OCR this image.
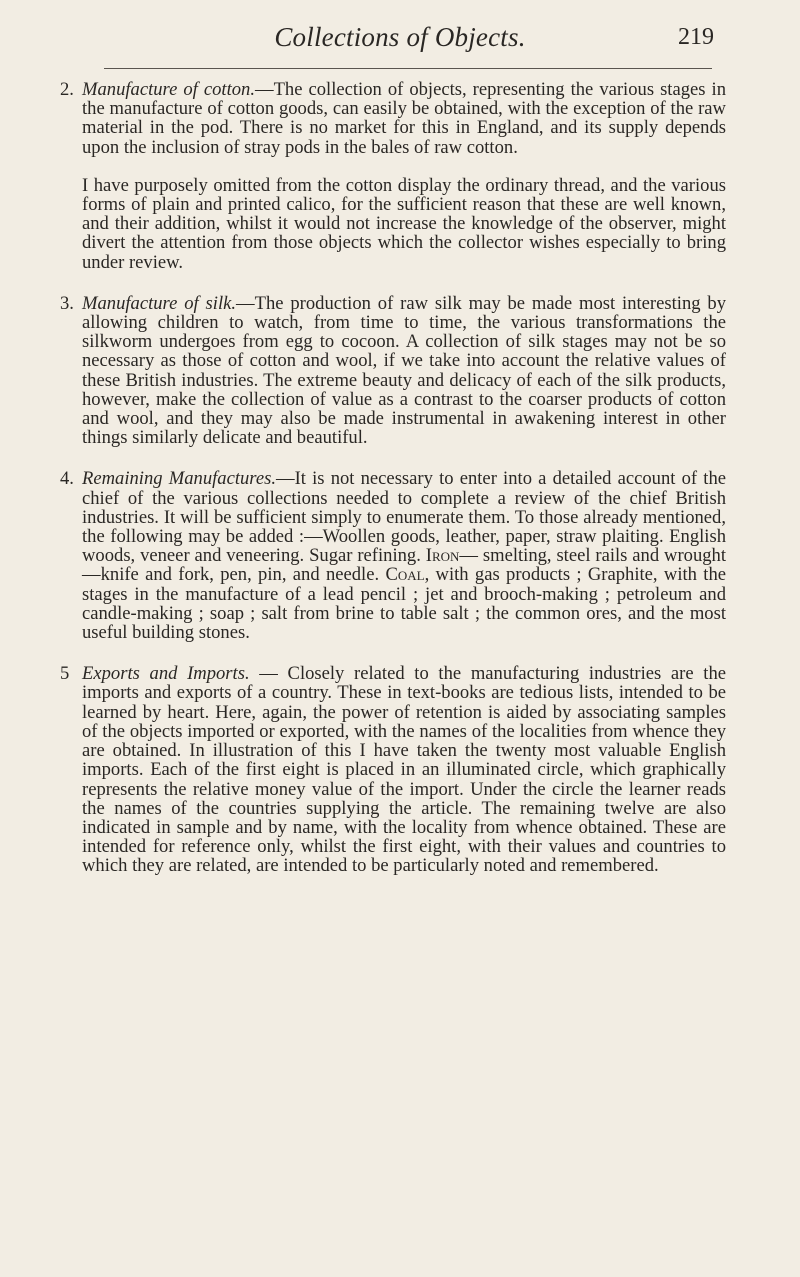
Collections of Objects.	219
2. Manufacture of cotton.—The collection of objects, representing the various stages in the manufacture of cotton goods, can easily be obtained, with the exception of the raw material in the pod. There is no market for this in England, and its supply depends upon the inclusion of stray pods in the bales of raw cotton.

I have purposely omitted from the cotton display the ordinary thread, and the various forms of plain and printed calico, for the sufficient reason that these are well known, and their addition, whilst it would not increase the knowledge of the observer, might divert the attention from those objects which the collector wishes especially to bring under review.

3. Manufacture of silk.—The production of raw silk may be made most interesting by allowing children to watch, from time to time, the various transformations the silkworm undergoes from egg to cocoon. A collection of silk stages may not be so necessary as those of cotton and wool, if we take into account the relative values of these British industries. The extreme beauty and delicacy of each of the silk products, however, make the collection of value as a contrast to the coarser products of cotton and wool, and they may also be made instrumental in awakening interest in other things similarly delicate and beautiful.

4. Remaining Manufactures.—It is not necessary to enter into a detailed account of the chief of the various collections needed to complete a review of the chief British industries. It will be sufficient simply to enumerate them. To those already mentioned, the following may be added :—Woollen goods, leather, paper, straw plaiting. English woods, veneer and veneering. Sugar refining. Iron— smelting, steel rails and wrought—knife and fork, pen, pin, and needle. Coal, with gas products ; Graphite, with the stages in the manufacture of a lead pencil ; jet and brooch-making ; petroleum and candle-making ; soap ; salt from brine to table salt ; the common ores, and the most useful building stones.

5 Exports and Imports. — Closely related to the manufacturing industries are the imports and exports of a country. These in text-books are tedious lists, intended to be learned by heart. Here, again, the power of retention is aided by associating samples of the objects imported or exported, with the names of the localities from whence they are obtained. In illustration of this I have taken the twenty most valuable English imports. Each of the first eight is placed in an illuminated circle, which graphically represents the relative money value of the import. Under the circle the learner reads the names of the countries supplying the article. The remaining twelve are also indicated in sample and by name, with the locality from whence obtained. These are intended for reference only, whilst the first eight, with their values and countries to which they are related, are intended to be particularly noted and remembered.
